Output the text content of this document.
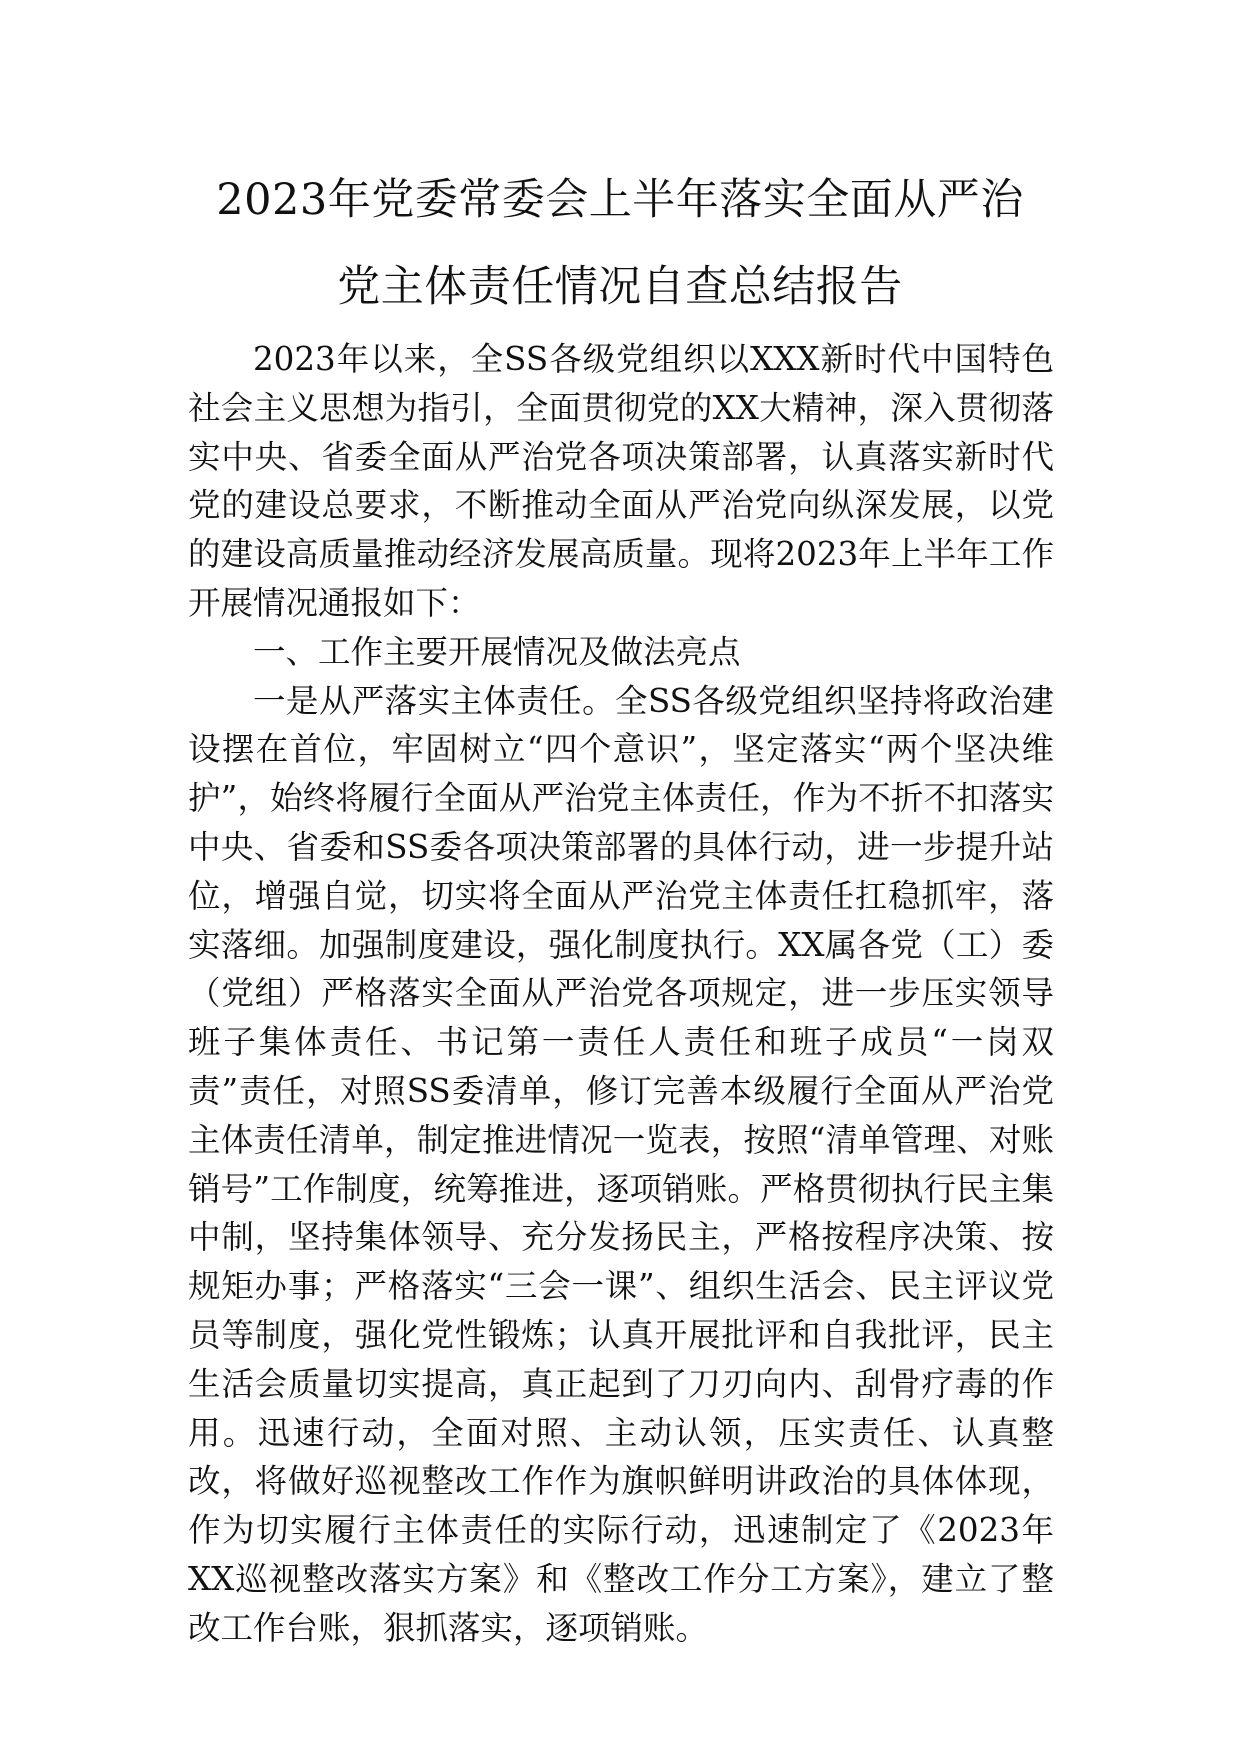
2023年党委常委会上半年落实全面从严治
党主体责任情况自查总结报告

2023年以来，全SS各级党组织以XXX新时代中国特色社会主义思想为指引，全面贯彻党的XX大精神，深入贯彻落实中央、省委全面从严治党各项决策部署，认真落实新时代党的建设总要求，不断推动全面从严治党向纵深发展，以党的建设高质量推动经济发展高质量。现将2023年上半年工作开展情况通报如下：

一、工作主要开展情况及做法亮点

一是从严落实主体责任。全SS各级党组织坚持将政治建设摆在首位，牢固树立“四个意识”，坚定落实“两个坚决维护”，始终将履行全面从严治党主体责任，作为不折不扣落实中央、省委和SS委各项决策部署的具体行动，进一步提升站位，增强自觉，切实将全面从严治党主体责任扛稳抓牢，落实落细。加强制度建设，强化制度执行。XX属各党（工）委（党组）严格落实全面从严治党各项规定，进一步压实领导班子集体责任、书记第一责任人责任和班子成员“一岗双责”责任，对照SS委清单，修订完善本级履行全面从严治党主体责任清单，制定推进情况一览表，按照“清单管理、对账销号”工作制度，统筹推进，逐项销账。严格贯彻执行民主集中制，坚持集体领导、充分发扬民主，严格按程序决策、按规矩办事；严格落实“三会一课”、组织生活会、民主评议党员等制度，强化党性锻炼；认真开展批评和自我批评，民主生活会质量切实提高，真正起到了刀刃向内、刮骨疗毒的作用。迅速行动，全面对照、主动认领，压实责任、认真整改，将做好巡视整改工作作为旗帜鲜明讲政治的具体体现，作为切实履行主体责任的实际行动，迅速制定了《2023年XX巡视整改落实方案》和《整改工作分工方案》，建立了整改工作台账，狠抓落实，逐项销账。
